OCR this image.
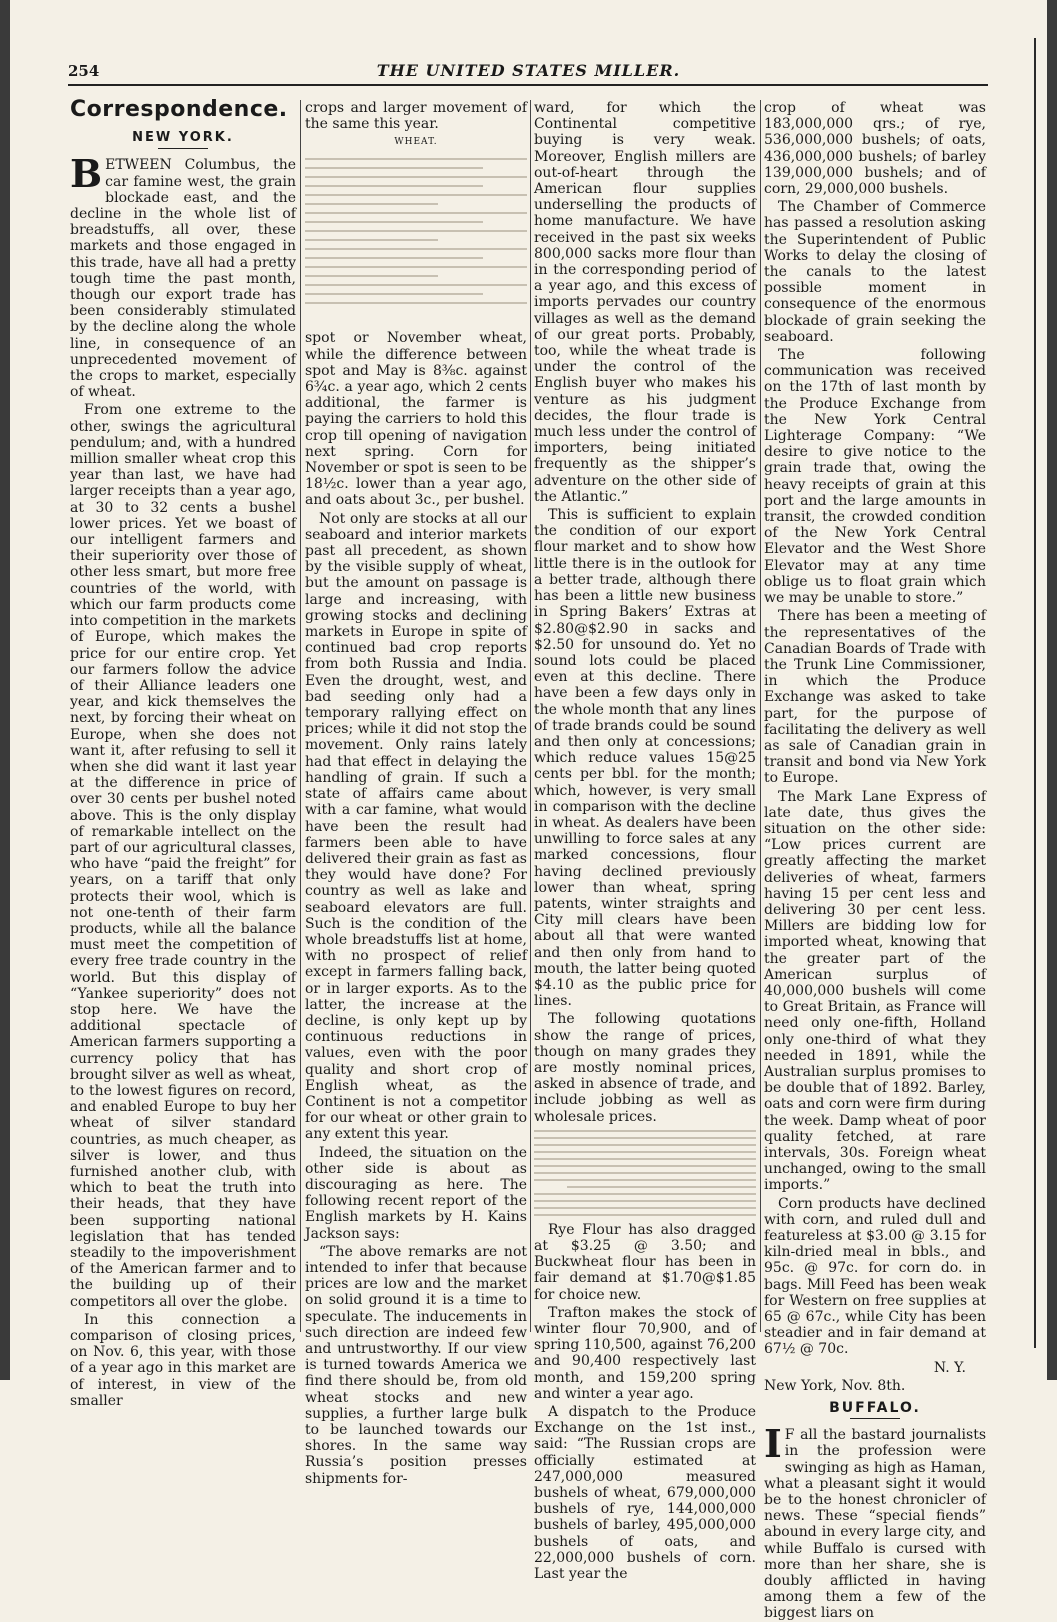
254	THE UNITED STATES MILLER.
Correspondence.
NEW YORK.

BETWEEN Columbus, the car famine west, the grain blockade east, and the decline in the whole list of breadstuffs, all over, these markets and those engaged in this trade, have all had a pretty tough time the past month, though our export trade has been considerably stimulated by the decline along the whole line, in consequence of an unprecedented movement of the crops to market, especially of wheat.

From one extreme to the other, swings the agricultural pendulum; and, with a hundred million smaller wheat crop this year than last, we have had larger receipts than a year ago, at 30 to 32 cents a bushel lower prices. Yet we boast of our intelligent farmers and their superiority over those of other less smart, but more free countries of the world, with which our farm products come into competition in the markets of Europe, which makes the price for our entire crop. Yet our farmers follow the advice of their Alliance leaders one year, and kick themselves the next, by forcing their wheat on Europe, when she does not want it, after refusing to sell it when she did want it last year at the difference in price of over 30 cents per bushel noted above. This is the only display of remarkable intellect on the part of our agricultural classes, who have “paid the freight” for years, on a tariff that only protects their wool, which is not one-tenth of their farm products, while all the balance must meet the competition of every free trade country in the world. But this display of “Yankee superiority” does not stop here. We have the additional spectacle of American farmers supporting a currency policy that has brought silver as well as wheat, to the lowest figures on record, and enabled Europe to buy her wheat of silver standard countries, as much cheaper, as silver is lower, and thus furnished another club, with which to beat the truth into their heads, that they have been supporting national legislation that has tended steadily to the impoverishment of the American farmer and to the building up of their competitors all over the globe.

In this connection a comparison of closing prices, on Nov. 6, this year, with those of a year ago in this market are of interest, in view of the smaller

crops and larger movement of the same this year.

WHEAT.

spot or November wheat, while the difference between spot and May is 8⅜c. against 6¾c. a year ago, which 2 cents additional, the farmer is paying the carriers to hold this crop till opening of navigation next spring. Corn for November or spot is seen to be 18½c. lower than a year ago, and oats about 3c., per bushel.

Not only are stocks at all our seaboard and interior markets past all precedent, as shown by the visible supply of wheat, but the amount on passage is large and increasing, with growing stocks and declining markets in Europe in spite of continued bad crop reports from both Russia and India. Even the drought, west, and bad seeding only had a temporary rallying effect on prices; while it did not stop the movement. Only rains lately had that effect in delaying the handling of grain. If such a state of affairs came about with a car famine, what would have been the result had farmers been able to have delivered their grain as fast as they would have done? For country as well as lake and seaboard elevators are full. Such is the condition of the whole breadstuffs list at home, with no prospect of relief except in farmers falling back, or in larger exports. As to the latter, the increase at the decline, is only kept up by continuous reductions in values, even with the poor quality and short crop of English wheat, as the Continent is not a competitor for our wheat or other grain to any extent this year.

Indeed, the situation on the other side is about as discouraging as here. The following recent report of the English markets by H. Kains Jackson says:

“The above remarks are not intended to infer that because prices are low and the market on solid ground it is a time to speculate. The inducements in such direction are indeed few and untrustworthy. If our view is turned towards America we find there should be, from old wheat stocks and new supplies, a further large bulk to be launched towards our shores. In the same way Russia’s position presses shipments for-

ward, for which the Continental competitive buying is very weak. Moreover, English millers are out-of-heart through the American flour supplies underselling the products of home manufacture. We have received in the past six weeks 800,000 sacks more flour than in the corresponding period of a year ago, and this excess of imports pervades our country villages as well as the demand of our great ports. Probably, too, while the wheat trade is under the control of the English buyer who makes his venture as his judgment decides, the flour trade is much less under the control of importers, being initiated frequently as the shipper’s adventure on the other side of the Atlantic.”

This is sufficient to explain the condition of our export flour market and to show how little there is in the outlook for a better trade, although there has been a little new business in Spring Bakers’ Extras at $2.80@$2.90 in sacks and $2.50 for unsound do. Yet no sound lots could be placed even at this decline. There have been a few days only in the whole month that any lines of trade brands could be sound and then only at concessions; which reduce values 15@25 cents per bbl. for the month; which, however, is very small in comparison with the decline in wheat. As dealers have been unwilling to force sales at any marked concessions, flour having declined previously lower than wheat, spring patents, winter straights and City mill clears have been about all that were wanted and then only from hand to mouth, the latter being quoted $4.10 as the public price for lines.

The following quotations show the range of prices, though on many grades they are mostly nominal prices, asked in absence of trade, and include jobbing as well as wholesale prices.

Rye Flour has also dragged at $3.25 @ 3.50; and Buckwheat flour has been in fair demand at $1.70@$1.85 for choice new.

Trafton makes the stock of winter flour 70,900, and of spring 110,500, against 76,200 and 90,400 respectively last month, and 159,200 spring and winter a year ago.

A dispatch to the Produce Exchange on the 1st inst., said: “The Russian crops are officially estimated at 247,000,000 measured bushels of wheat, 679,000,000 bushels of rye, 144,000,000 bushels of barley, 495,000,000 bushels of oats, and 22,000,000 bushels of corn. Last year the

crop of wheat was 183,000,000 qrs.; of rye, 536,000,000 bushels; of oats, 436,000,000 bushels; of barley 139,000,000 bushels; and of corn, 29,000,000 bushels.

The Chamber of Commerce has passed a resolution asking the Superintendent of Public Works to delay the closing of the canals to the latest possible moment in consequence of the enormous blockade of grain seeking the seaboard.

The following communication was received on the 17th of last month by the Produce Exchange from the New York Central Lighterage Company: “We desire to give notice to the grain trade that, owing the heavy receipts of grain at this port and the large amounts in transit, the crowded condition of the New York Central Elevator and the West Shore Elevator may at any time oblige us to float grain which we may be unable to store.”

There has been a meeting of the representatives of the Canadian Boards of Trade with the Trunk Line Commissioner, in which the Produce Exchange was asked to take part, for the purpose of facilitating the delivery as well as sale of Canadian grain in transit and bond via New York to Europe.

The Mark Lane Express of late date, thus gives the situation on the other side: “Low prices current are greatly affecting the market deliveries of wheat, farmers having 15 per cent less and delivering 30 per cent less. Millers are bidding low for imported wheat, knowing that the greater part of the American surplus of 40,000,000 bushels will come to Great Britain, as France will need only one-fifth, Holland only one-third of what they needed in 1891, while the Australian surplus promises to be double that of 1892. Barley, oats and corn were firm during the week. Damp wheat of poor quality fetched, at rare intervals, 30s. Foreign wheat unchanged, owing to the small imports.”

Corn products have declined with corn, and ruled dull and featureless at $3.00 @ 3.15 for kiln-dried meal in bbls., and 95c. @ 97c. for corn do. in bags. Mill Feed has been weak for Western on free supplies at 65 @ 67c., while City has been steadier and in fair demand at 67½ @ 70c.

N. Y.

New York, Nov. 8th.

BUFFALO.

I F all the bastard journalists in the profession were swinging as high as Haman, what a pleasant sight it would be to the honest chronicler of news. These “special fiends” abound in every large city, and while Buffalo is cursed with more than her share, she is doubly afflicted in having among them a few of the biggest liars on
